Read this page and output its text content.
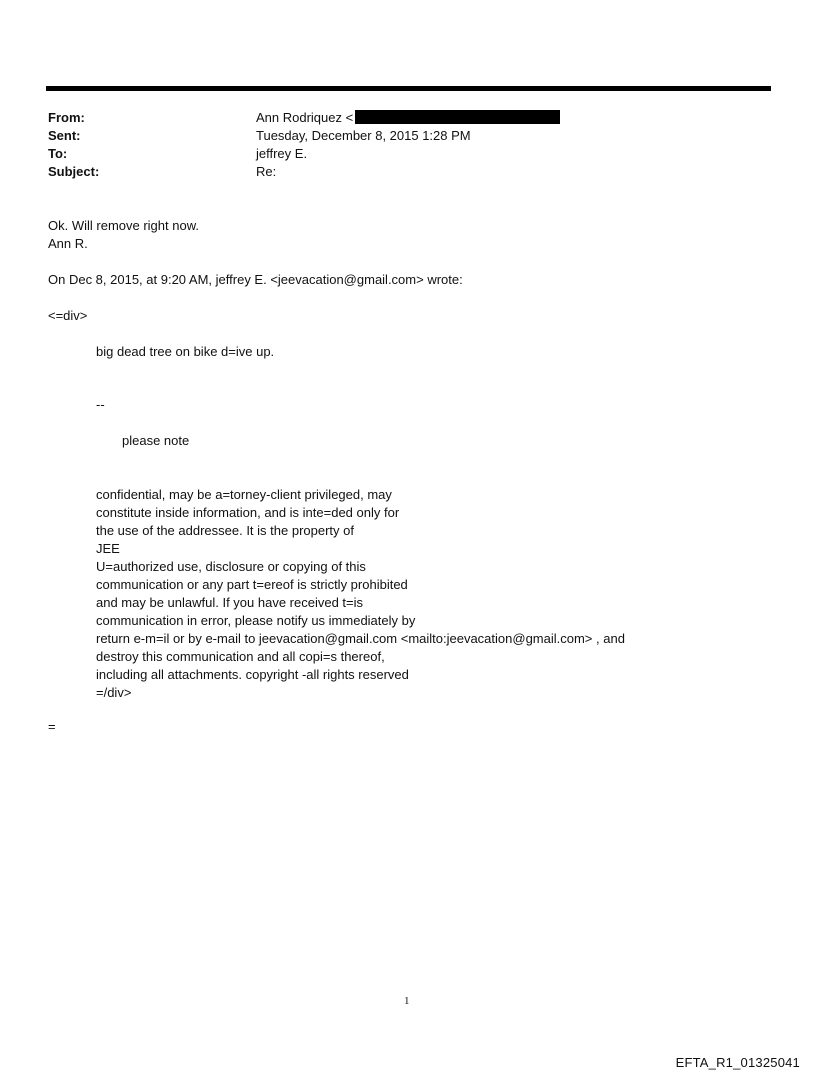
From:	Ann Rodriquez <
Sent:	Tuesday, December 8, 2015 1:28 PM
To:	jeffrey E.
Subject:	Re:
Ok. Will remove right now.
Ann R.
On Dec 8, 2015, at 9:20 AM, jeffrey E. <jeevacation@gmail.com> wrote:
<=div>
big dead tree on bike d=ive up.
--
please note
confidential, may be a=torney-client privileged, may
constitute inside information, and is inte=ded only for
the use of the addressee. It is the property of
JEE
U=authorized use, disclosure or copying of this
communication or any part t=ereof is strictly prohibited
and may be unlawful. If you have received t=is
communication in error, please notify us immediately by
return e-m=il or by e-mail to jeevacation@gmail.com <mailto:jeevacation@gmail.com> , and
destroy this communication and all copi=s thereof,
including all attachments. copyright -all rights reserved
=/div>
=
1
EFTA_R1_01325041
